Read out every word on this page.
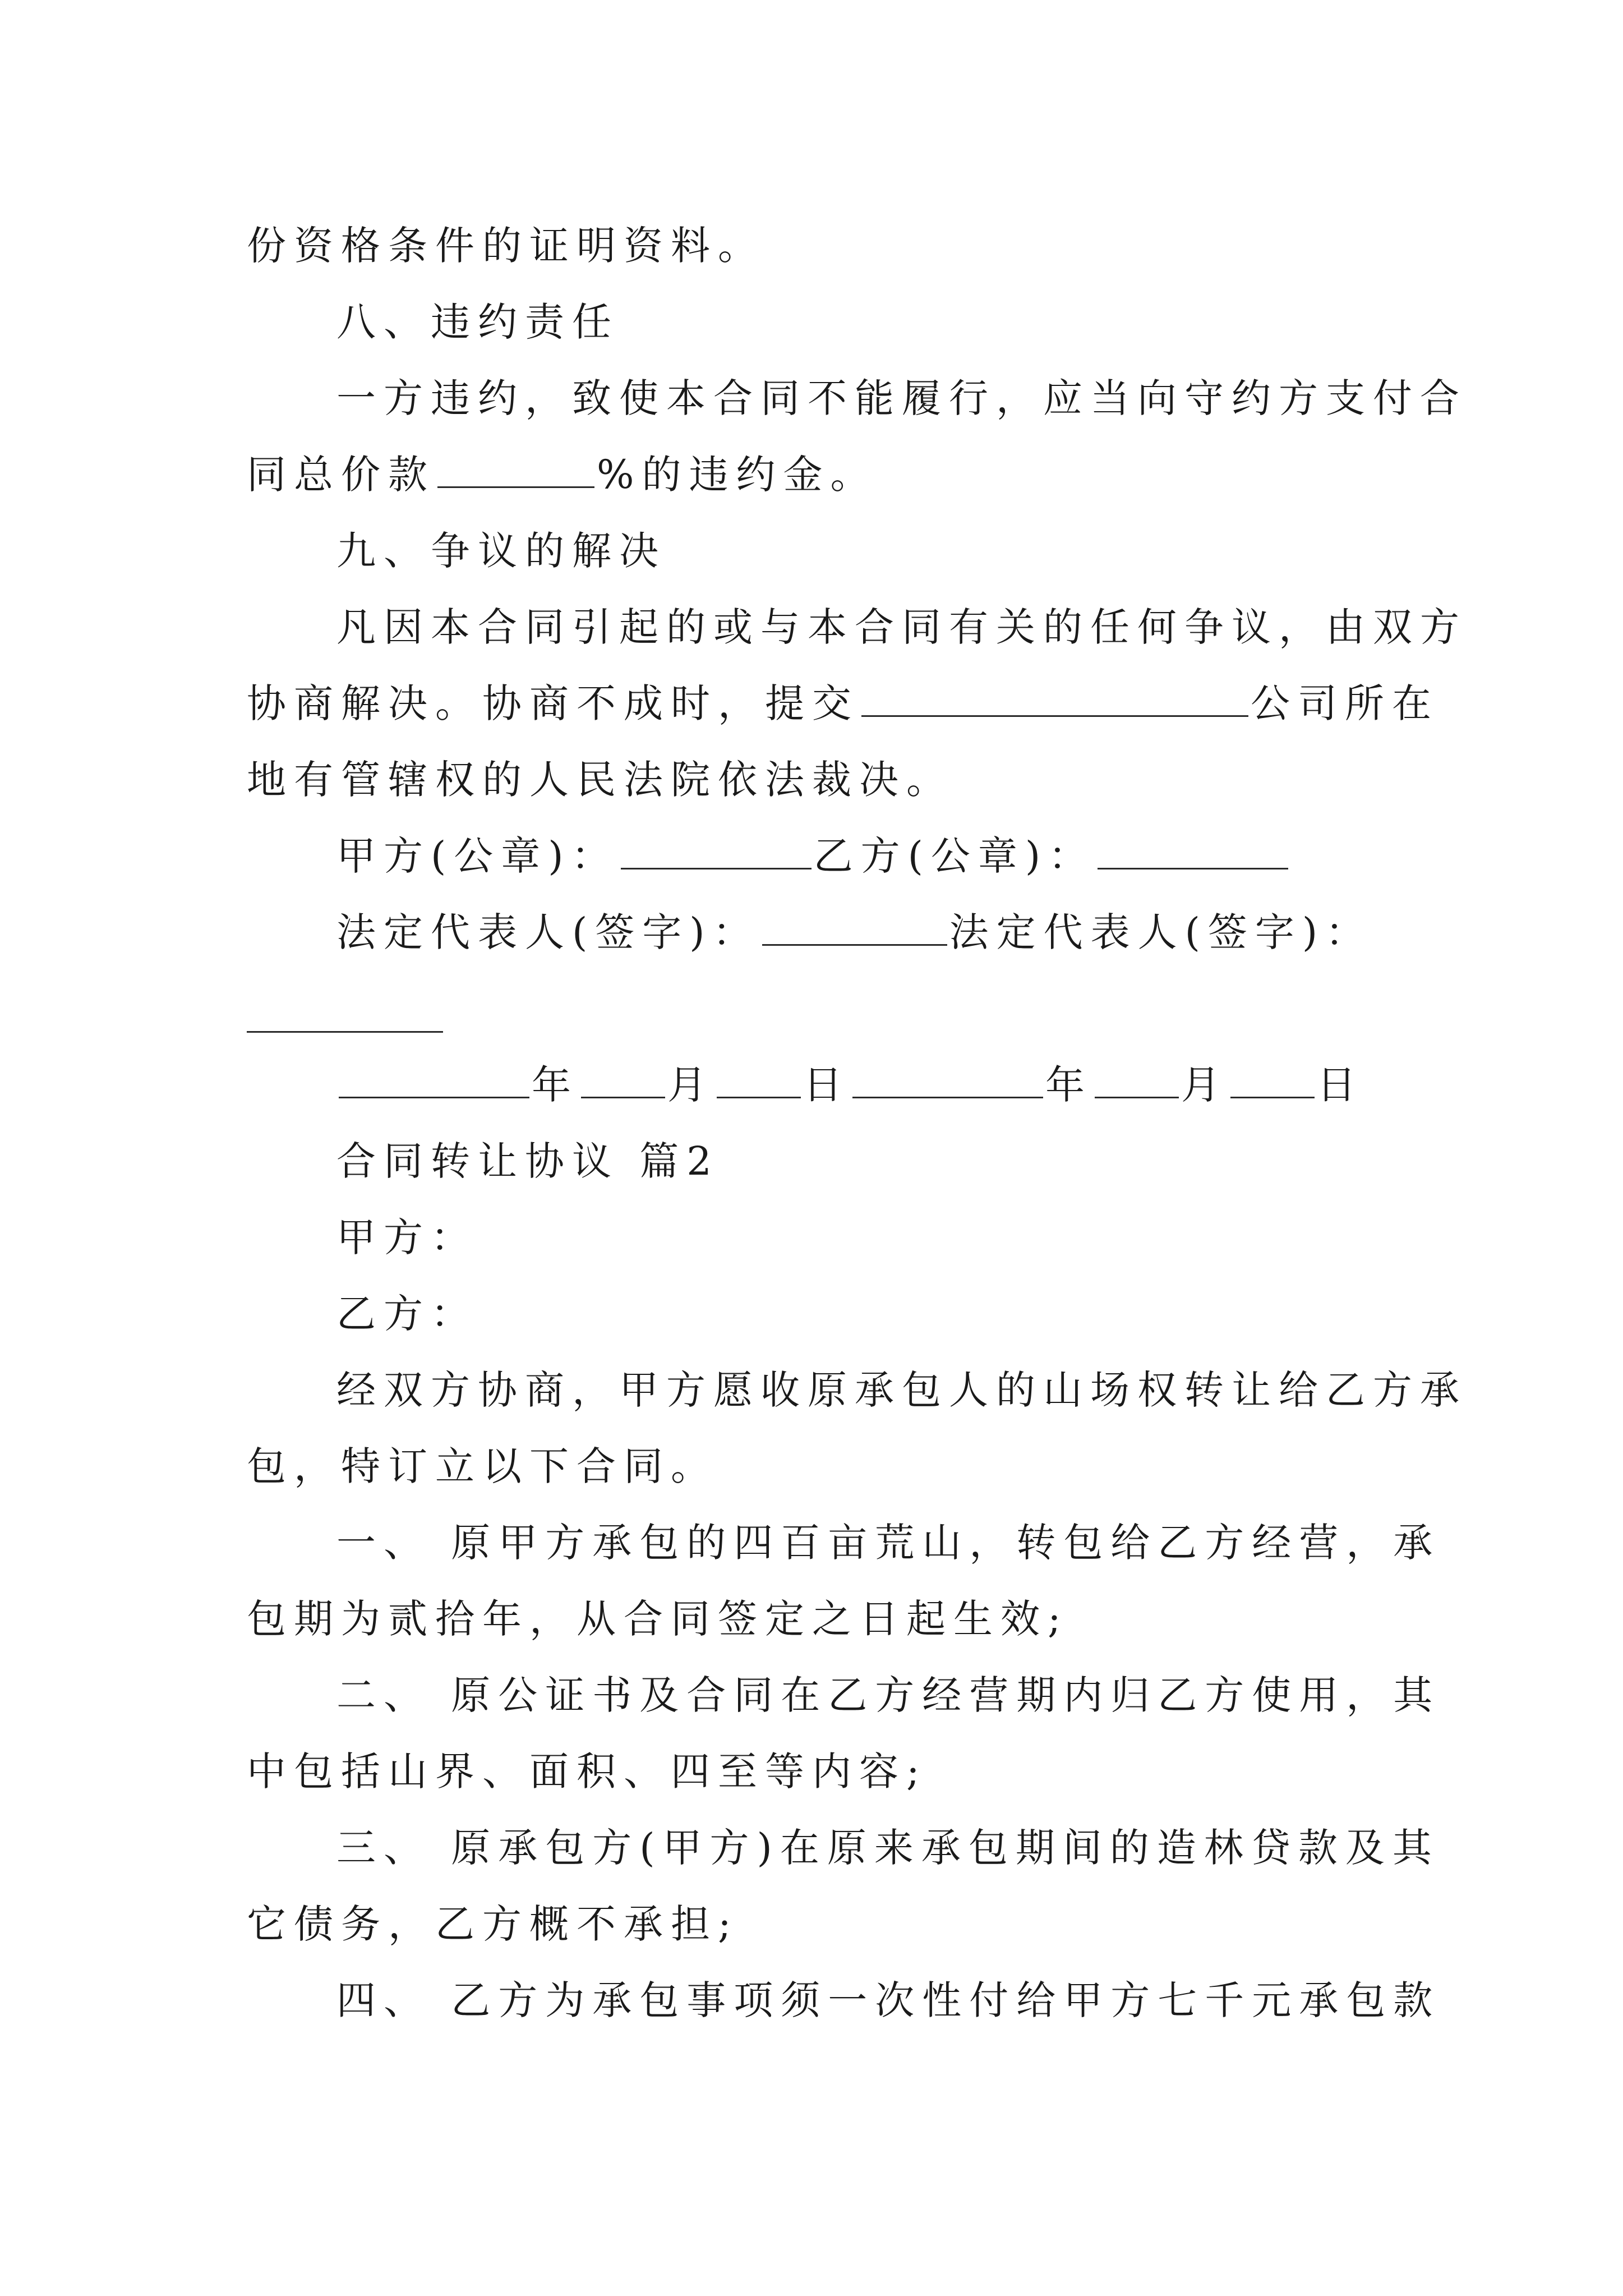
份资格条件的证明资料。
八、违约责任
一方违约，致使本合同不能履行，应当向守约方支付合
同总价款	%的违约金。
九、争议的解决
凡因本合同引起的或与本合同有关的任何争议，由双方
协商解决。协商不成时，提交	公司所在
地有管辖权的人民法院依法裁决。
甲方(公章)：	乙方(公章)：
法定代表人(签字)：	法定代表人(签字)：
年 月 日	年 月 日
合同转让协议 篇2
甲方：
乙方：
经双方协商，甲方愿收原承包人的山场权转让给乙方承
包，特订立以下合同。
一、 原甲方承包的四百亩荒山，转包给乙方经营，承
包期为贰拾年，从合同签定之日起生效;
二、 原公证书及合同在乙方经营期内归乙方使用，其
中包括山界、面积、四至等内容;
三、 原承包方(甲方)在原来承包期间的造林贷款及其
它债务，乙方概不承担;
四、 乙方为承包事项须一次性付给甲方七千元承包款
